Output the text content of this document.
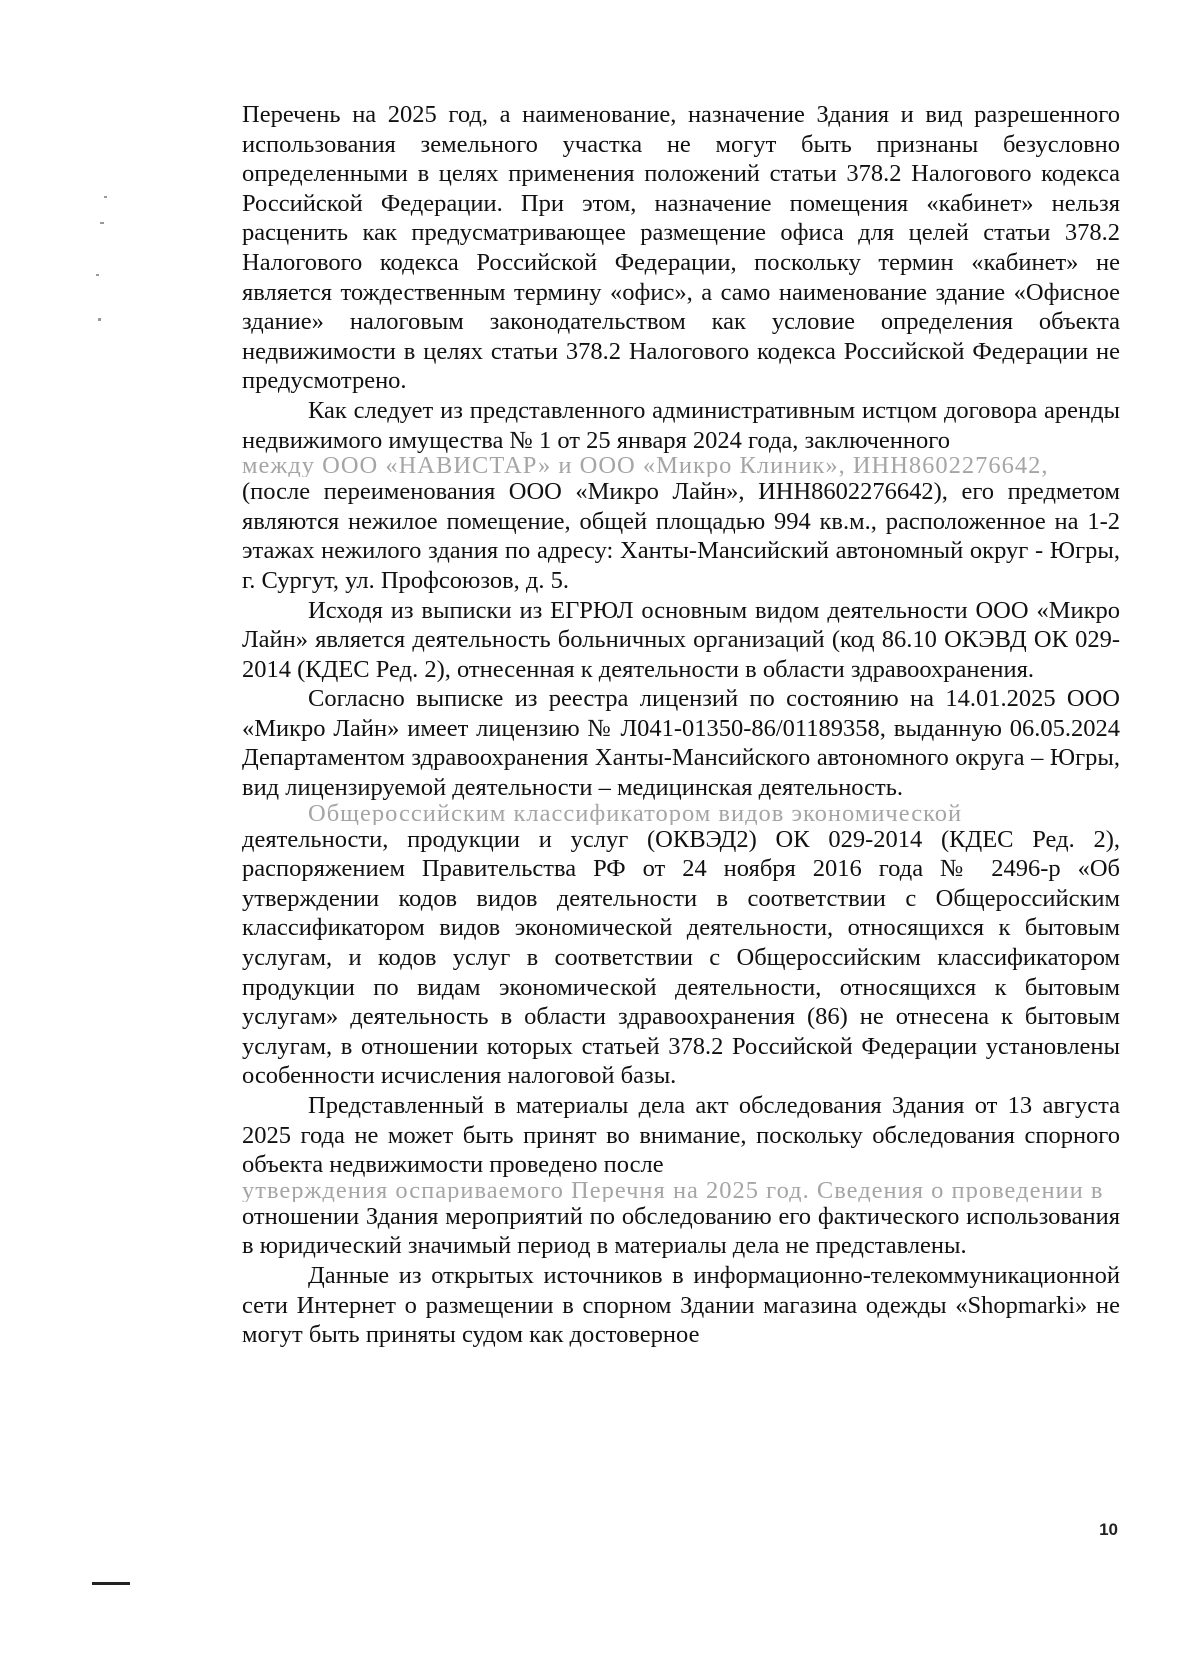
Перечень на 2025 год, а наименование, назначение Здания и вид разрешенного использования земельного участка не могут быть признаны безусловно определенными в целях применения положений статьи 378.2 Налогового кодекса Российской Федерации. При этом, назначение помещения «кабинет» нельзя расценить как предусматривающее размещение офиса для целей статьи 378.2 Налогового кодекса Российской Федерации, поскольку термин «кабинет» не является тождественным термину «офис», а само наименование здание «Офисное здание» налоговым законодательством как условие определения объекта недвижимости в целях статьи 378.2 Налогового кодекса Российской Федерации не предусмотрено.

Как следует из представленного административным истцом договора аренды недвижимого имущества № 1 от 25 января 2024 года, заключенного

между ООО «НАВИСТАР» и ООО «Микро Клиник», ИНН8602276642,

(после переименования ООО «Микро Лайн», ИНН8602276642), его предметом являются нежилое помещение, общей площадью 994 кв.м., расположенное на 1-2 этажах нежилого здания по адресу: Ханты-Мансийский автономный округ - Югры, г. Сургут, ул. Профсоюзов, д. 5.

Исходя из выписки из ЕГРЮЛ основным видом деятельности ООО «Микро Лайн» является деятельность больничных организаций (код 86.10 ОКЭВД ОК 029-2014 (КДЕС Ред. 2), отнесенная к деятельности в области здравоохранения.

Согласно выписке из реестра лицензий по состоянию на 14.01.2025 ООО «Микро Лайн» имеет лицензию № Л041-01350-86/01189358, выданную 06.05.2024 Департаментом здравоохранения Ханты-Мансийского автономного округа – Югры, вид лицензируемой деятельности – медицинская деятельность.

Общероссийским классификатором видов экономической

деятельности, продукции и услуг (ОКВЭД2) ОК 029-2014 (КДЕС Ред. 2), распоряжением Правительства РФ от 24 ноября 2016 года № 2496-р «Об утверждении кодов видов деятельности в соответствии с Общероссийским классификатором видов экономической деятельности, относящихся к бытовым услугам, и кодов услуг в соответствии с Общероссийским классификатором продукции по видам экономической деятельности, относящихся к бытовым услугам» деятельность в области здравоохранения (86) не отнесена к бытовым услугам, в отношении которых статьей 378.2 Российской Федерации установлены особенности исчисления налоговой базы.

Представленный в материалы дела акт обследования Здания от 13 августа 2025 года не может быть принят во внимание, поскольку обследования спорного объекта недвижимости проведено после

утверждения оспариваемого Перечня на 2025 год. Сведения о проведении в

отношении Здания мероприятий по обследованию его фактического использования в юридический значимый период в материалы дела не представлены.

Данные из открытых источников в информационно-телекоммуникационной сети Интернет о размещении в спорном Здании магазина одежды «Shopmarki» не могут быть приняты судом как достоверное

10
